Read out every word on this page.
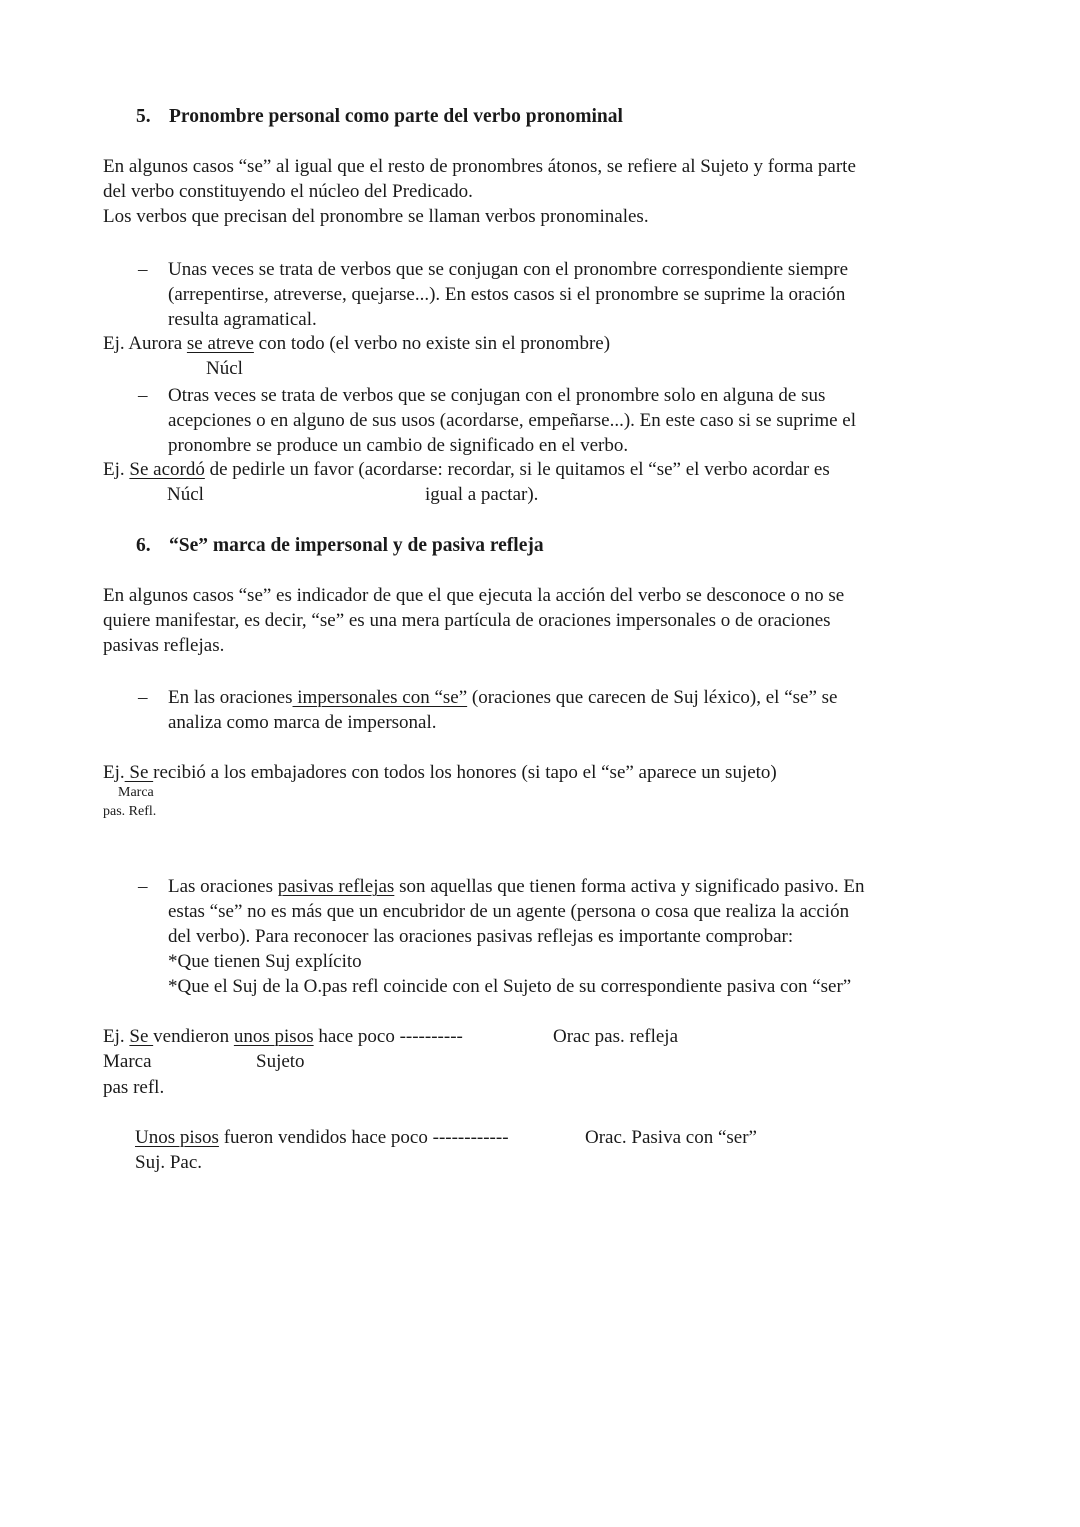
5. Pronombre personal como parte del verbo pronominal
En algunos casos “se” al igual que el resto de pronombres átonos, se refiere al Sujeto y forma parte
del verbo constituyendo el núcleo del Predicado.
Los verbos que precisan del pronombre se llaman verbos pronominales.
– Unas veces se trata de verbos que se conjugan con el pronombre correspondiente siempre
(arrepentirse, atreverse, quejarse...). En estos casos si el pronombre se suprime la oración
resulta agramatical.
Ej. Aurora se atreve con todo (el verbo no existe sin el pronombre)
Núcl
– Otras veces se trata de verbos que se conjugan con el pronombre solo en alguna de sus
acepciones o en alguno de sus usos (acordarse, empeñarse...). En este caso si se suprime el
pronombre se produce un cambio de significado en el verbo.
Ej. Se acordó de pedirle un favor (acordarse: recordar, si le quitamos el “se” el verbo acordar es
Núcl	igual a pactar).
6. “Se” marca de impersonal y de pasiva refleja
En algunos casos “se” es indicador de que el que ejecuta la acción del verbo se desconoce o no se
quiere manifestar, es decir, “se” es una mera partícula de oraciones impersonales o de oraciones
pasivas reflejas.
– En las oraciones impersonales con “se” (oraciones que carecen de Suj léxico), el “se” se
analiza como marca de impersonal.
Ej. Se recibió a los embajadores con todos los honores (si tapo el “se” aparece un sujeto)
Marca
pas. Refl.
– Las oraciones pasivas reflejas son aquellas que tienen forma activa y significado pasivo. En
estas “se” no es más que un encubridor de un agente (persona o cosa que realiza la acción
del verbo). Para reconocer las oraciones pasivas reflejas es importante comprobar:
*Que tienen Suj explícito
*Que el Suj de la O.pas refl coincide con el Sujeto de su correspondiente pasiva con “ser”
Ej. Se vendieron unos pisos hace poco ----------	Orac pas. refleja
Marca	Sujeto
pas refl.
Unos pisos fueron vendidos hace poco ------------	Orac. Pasiva con “ser”
Suj. Pac.
